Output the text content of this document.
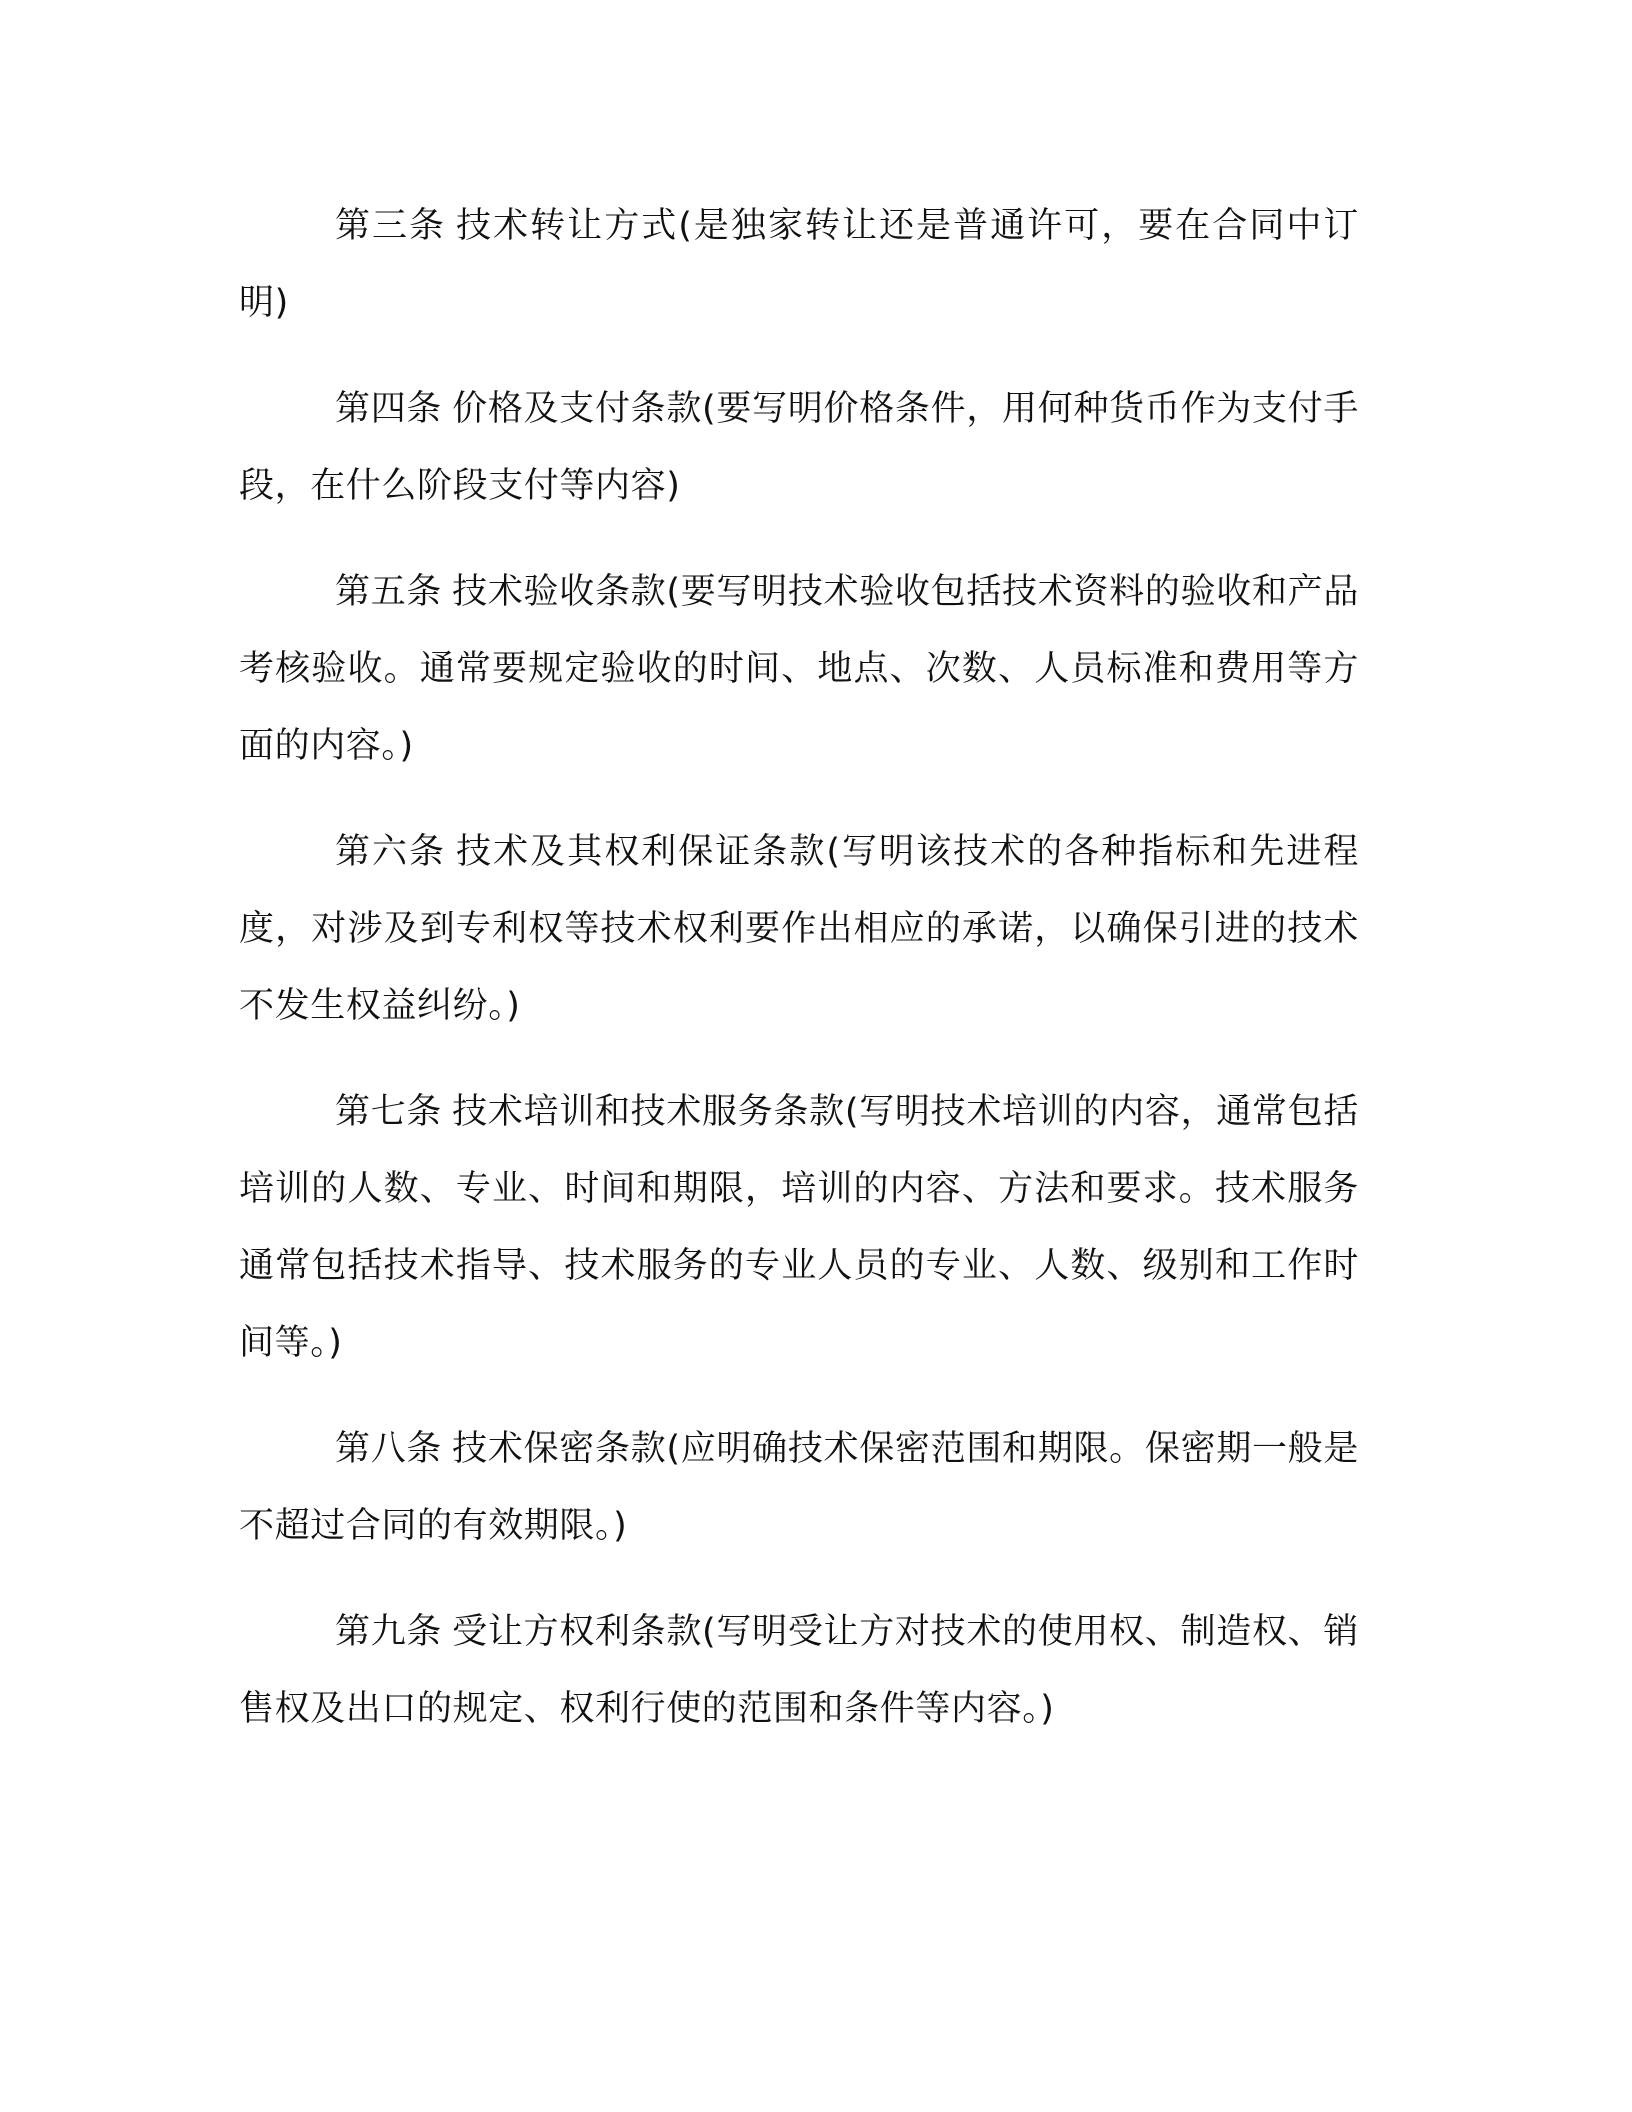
第三条 技术转让方式(是独家转让还是普通许可，要在合同中订明)

第四条 价格及支付条款(要写明价格条件，用何种货币作为支付手段，在什么阶段支付等内容)

第五条 技术验收条款(要写明技术验收包括技术资料的验收和产品考核验收。通常要规定验收的时间、地点、次数、人员标准和费用等方面的内容。)

第六条 技术及其权利保证条款(写明该技术的各种指标和先进程度，对涉及到专利权等技术权利要作出相应的承诺，以确保引进的技术不发生权益纠纷。)

第七条 技术培训和技术服务条款(写明技术培训的内容，通常包括培训的人数、专业、时间和期限，培训的内容、方法和要求。技术服务通常包括技术指导、技术服务的专业人员的专业、人数、级别和工作时间等。)

第八条 技术保密条款(应明确技术保密范围和期限。保密期一般是不超过合同的有效期限。)

第九条 受让方权利条款(写明受让方对技术的使用权、制造权、销售权及出口的规定、权利行使的范围和条件等内容。)
